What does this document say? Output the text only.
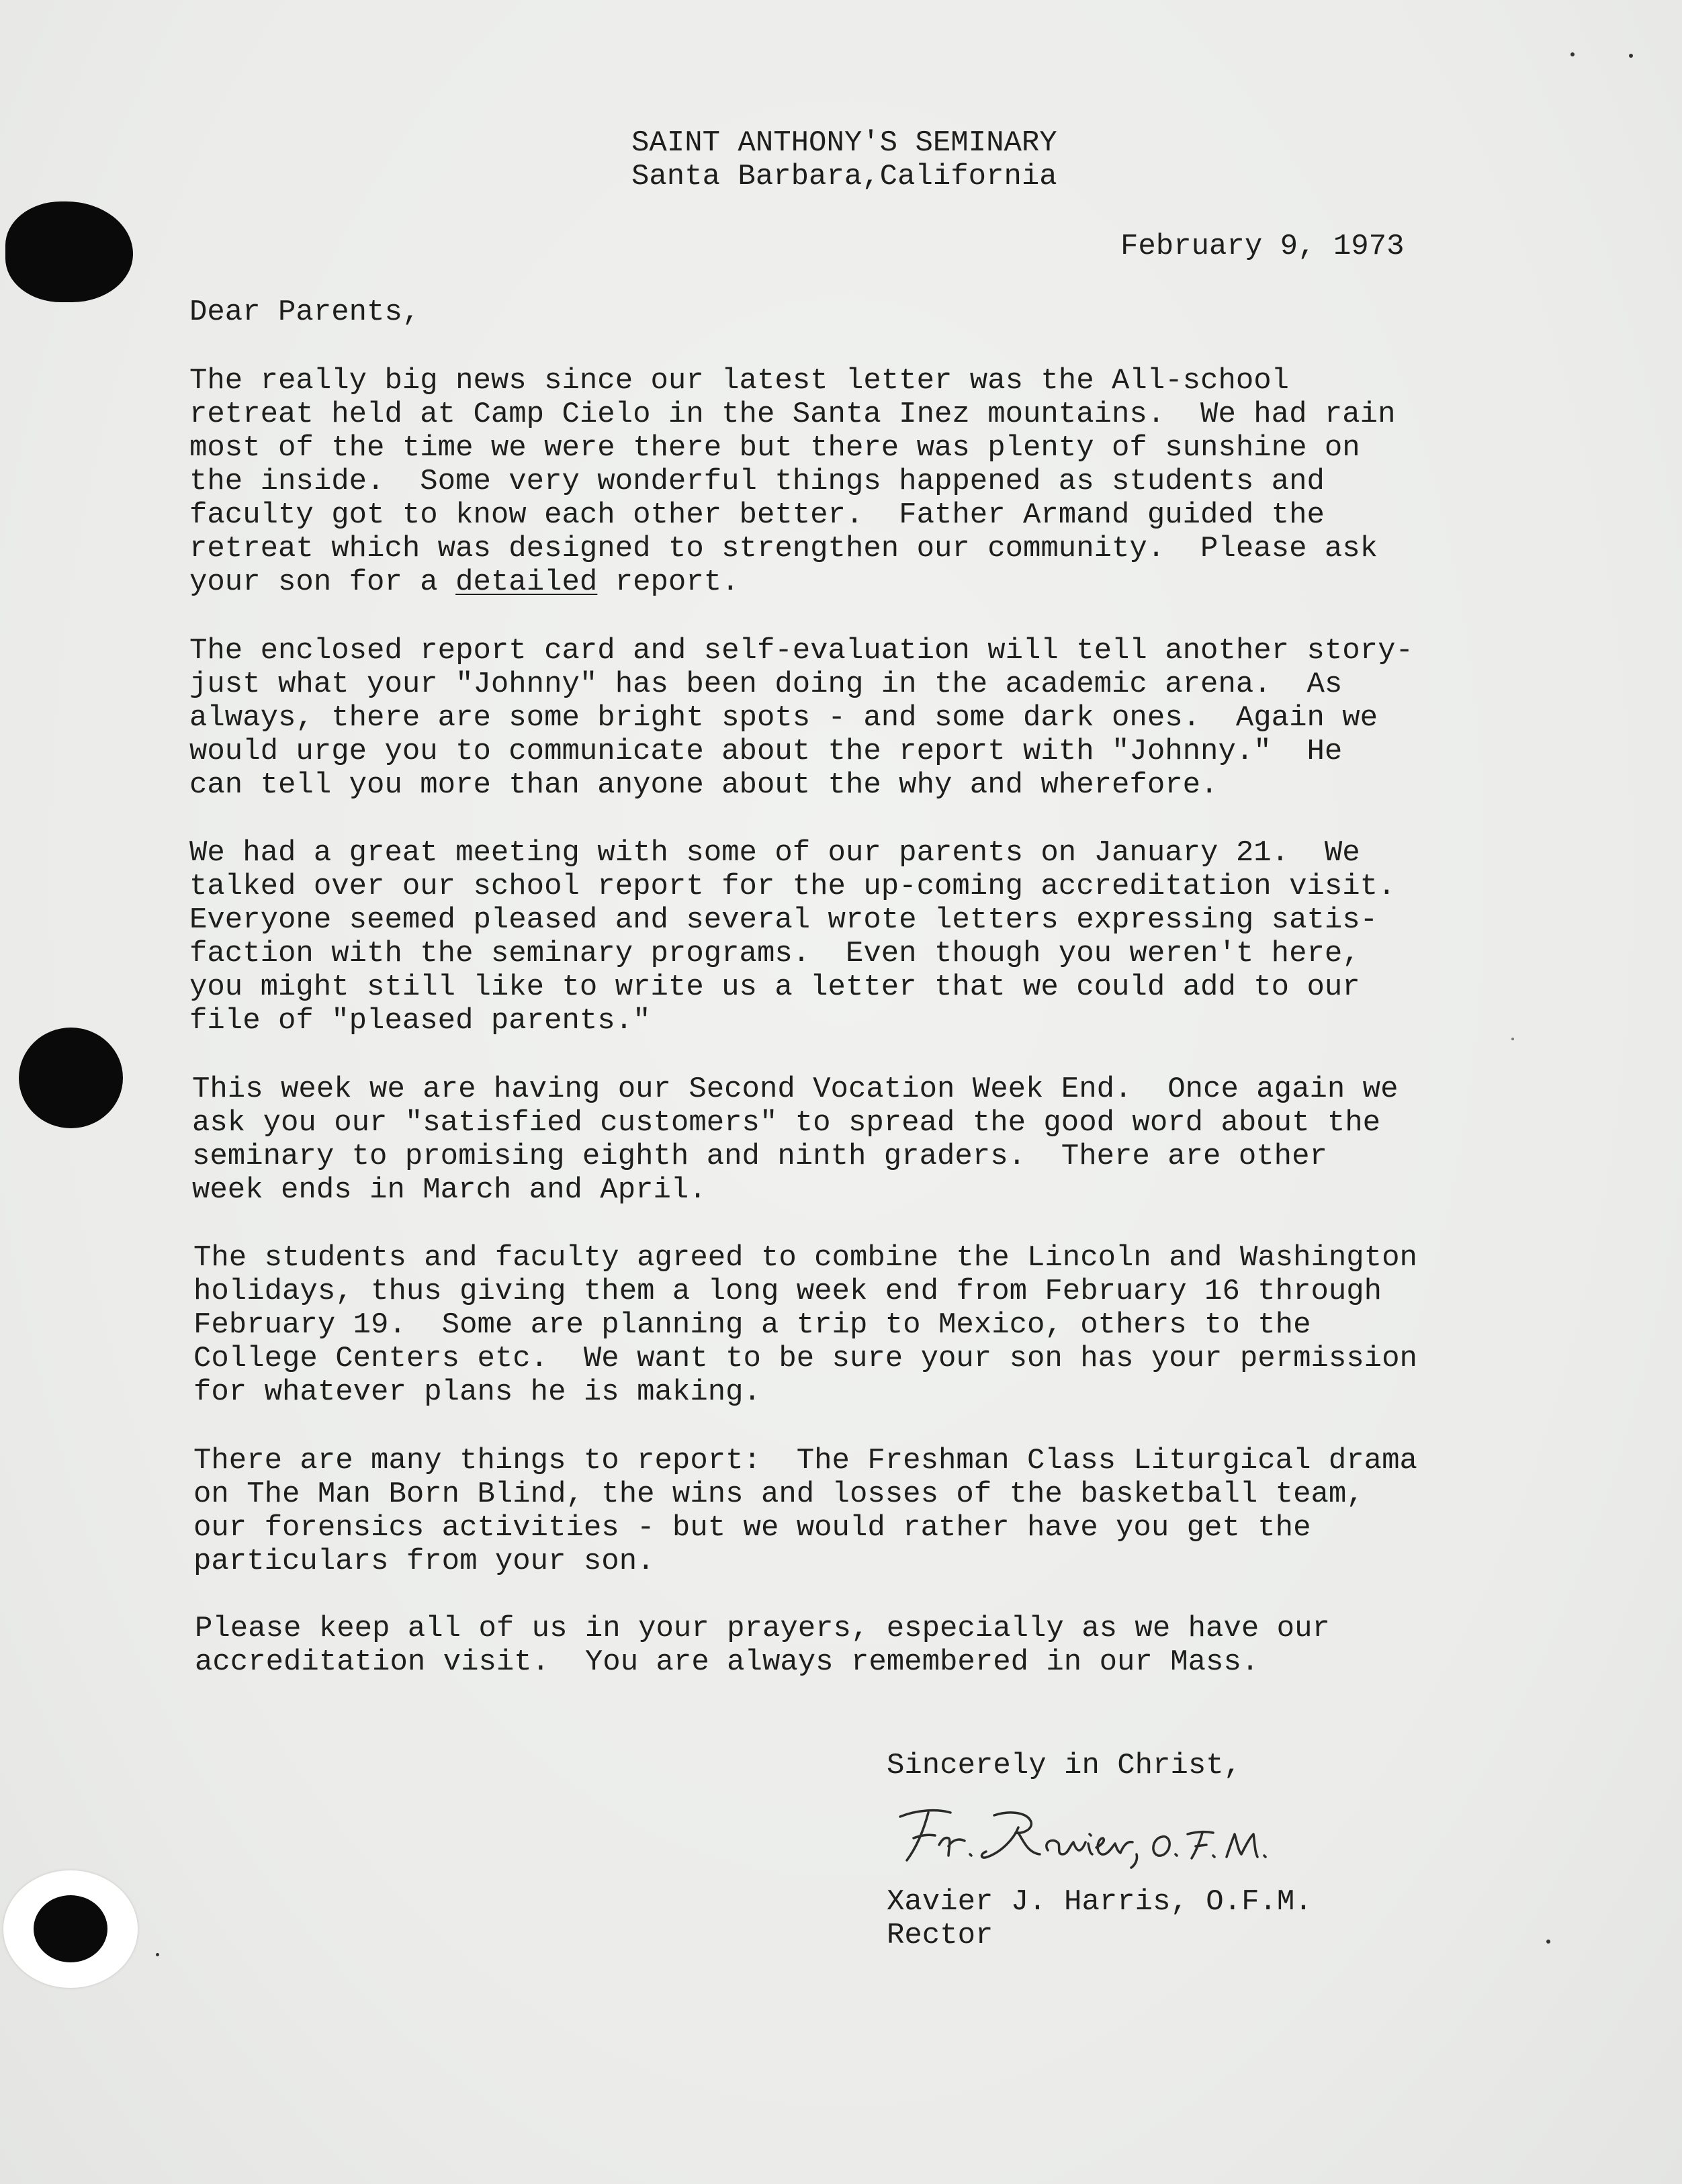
SAINT ANTHONY'S SEMINARY
Santa Barbara,California
February 9, 1973
Dear Parents,
The really big news since our latest letter was the All-school
retreat held at Camp Cielo in the Santa Inez mountains.  We had rain
most of the time we were there but there was plenty of sunshine on
the inside.  Some very wonderful things happened as students and
faculty got to know each other better.  Father Armand guided the
retreat which was designed to strengthen our community.  Please ask
your son for a detailed report.
The enclosed report card and self-evaluation will tell another story-
just what your "Johnny" has been doing in the academic arena.  As
always, there are some bright spots - and some dark ones.  Again we
would urge you to communicate about the report with "Johnny."  He
can tell you more than anyone about the why and wherefore.
We had a great meeting with some of our parents on January 21.  We
talked over our school report for the up-coming accreditation visit.
Everyone seemed pleased and several wrote letters expressing satis-
faction with the seminary programs.  Even though you weren't here,
you might still like to write us a letter that we could add to our
file of "pleased parents."
This week we are having our Second Vocation Week End.  Once again we
ask you our "satisfied customers" to spread the good word about the
seminary to promising eighth and ninth graders.  There are other
week ends in March and April.
The students and faculty agreed to combine the Lincoln and Washington
holidays, thus giving them a long week end from February 16 through
February 19.  Some are planning a trip to Mexico, others to the
College Centers etc.  We want to be sure your son has your permission
for whatever plans he is making.
There are many things to report:  The Freshman Class Liturgical drama
on The Man Born Blind, the wins and losses of the basketball team,
our forensics activities - but we would rather have you get the
particulars from your son.
Please keep all of us in your prayers, especially as we have our
accreditation visit.  You are always remembered in our Mass.
Sincerely in Christ,
Xavier J. Harris, O.F.M.
Rector
